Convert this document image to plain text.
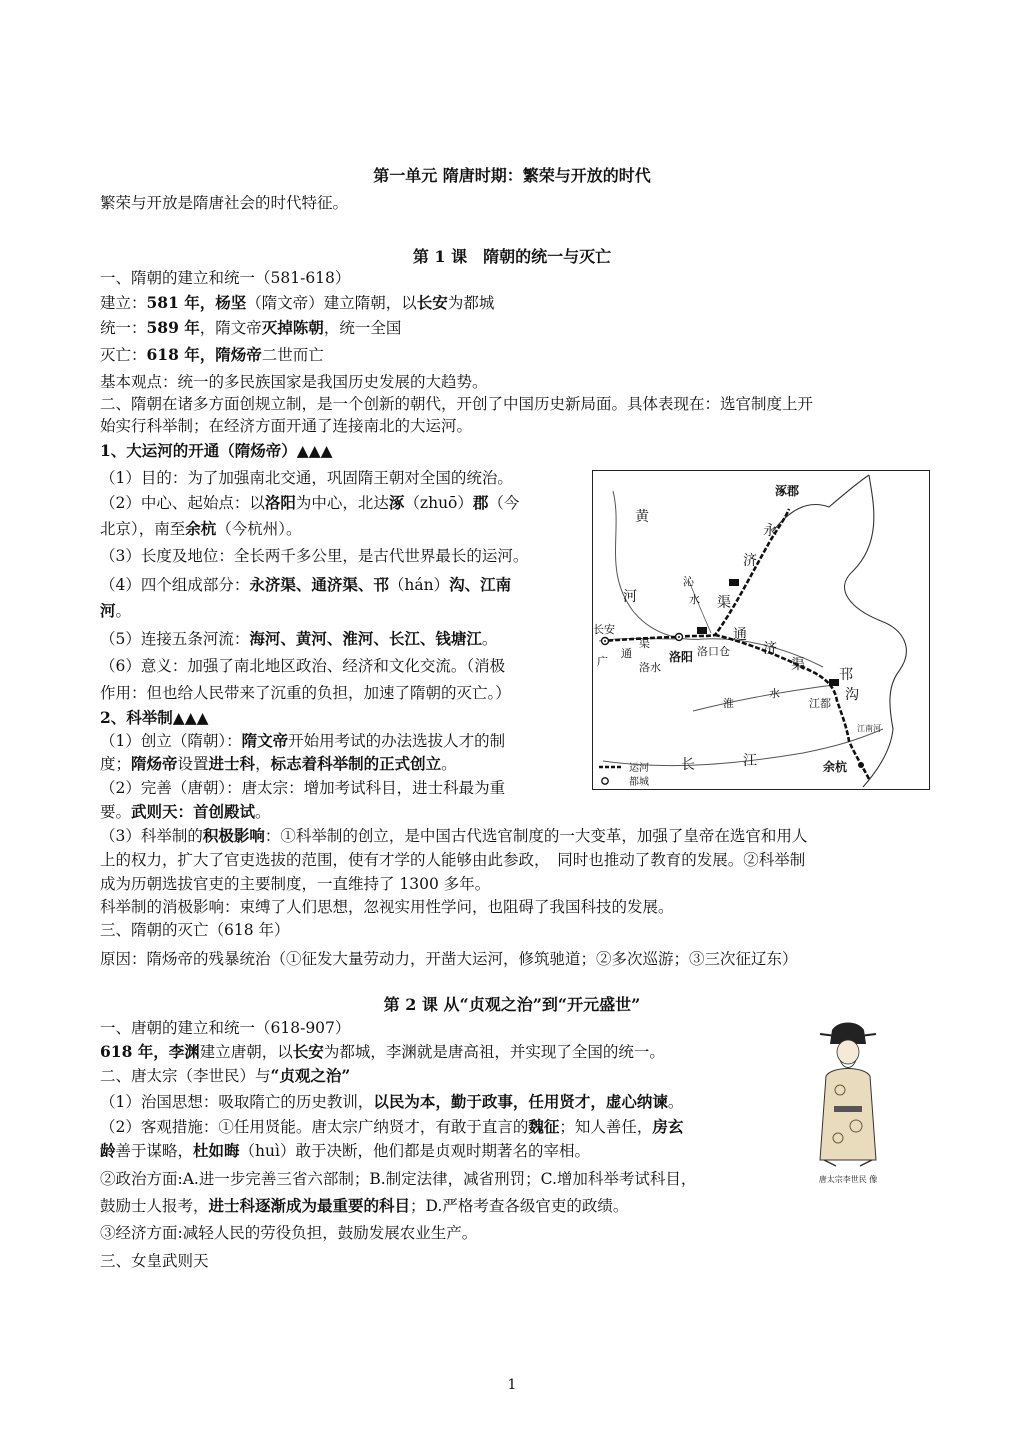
第一单元 隋唐时期：繁荣与开放的时代
繁荣与开放是隋唐社会的时代特征。
第 1 课　隋朝的统一与灭亡
一、隋朝的建立和统一（581-618）
建立：581 年，杨坚（隋文帝）建立隋朝，以长安为都城
统一：589 年，隋文帝灭掉陈朝，统一全国
灭亡：618 年，隋炀帝二世而亡
基本观点：统一的多民族国家是我国历史发展的大趋势。
二、隋朝在诸多方面创规立制，是一个创新的朝代，开创了中国历史新局面。具体表现在：选官制度上开
始实行科举制；在经济方面开通了连接南北的大运河。
1、大运河的开通（隋炀帝）▲▲▲
（1）目的：为了加强南北交通，巩固隋王朝对全国的统治。
（2）中心、起始点：以洛阳为中心，北达涿（zhuō）郡（今
北京），南至余杭（今杭州）。
（3）长度及地位：全长两千多公里，是古代世界最长的运河。
（4）四个组成部分：永济渠、通济渠、邗（hán）沟、江南
河。
（5）连接五条河流：海河、黄河、淮河、长江、钱塘江。
（6）意义：加强了南北地区政治、经济和文化交流。（消极
作用：但也给人民带来了沉重的负担，加速了隋朝的灭亡。）
2、科举制▲▲▲
（1）创立（隋朝）：隋文帝开始用考试的办法选拔人才的制
度；隋炀帝设置进士科，标志着科举制的正式创立。
（2）完善（唐朝）：唐太宗：增加考试科目，进士科最为重
要。武则天：首创殿试。
（3）科举制的积极影响：①科举制的创立，是中国古代选官制度的一大变革，加强了皇帝在选官和用人
上的权力，扩大了官吏选拔的范围，使有才学的人能够由此参政，　同时也推动了教育的发展。②科举制
成为历朝选拔官吏的主要制度，一直维持了 1300 多年。
科举制的消极影响：束缚了人们思想，忽视实用性学问，也阻碍了我国科技的发展。
三、隋朝的灭亡（618 年）
原因：隋炀帝的残暴统治（①征发大量劳动力，开凿大运河，修筑驰道；②多次巡游；③三次征辽东）
涿郡
永
济
渠
黄
河
沁
水
长安
广
通
渠
洛水
洛阳 洛口仓
通
济
渠
淮
水
邗
沟
江都
江南河
余杭
长	江
运河
都城
第 2 课 从“贞观之治”到“开元盛世”
一、唐朝的建立和统一（618-907）
618 年，李渊建立唐朝，以长安为都城，李渊就是唐高祖，并实现了全国的统一。
二、唐太宗（李世民）与“贞观之治”
（1）治国思想：吸取隋亡的历史教训，以民为本，勤于政事，任用贤才，虚心纳谏。
（2）客观措施：①任用贤能。唐太宗广纳贤才，有敢于直言的魏征；知人善任，房玄
龄善于谋略，杜如晦（huì）敢于决断，他们都是贞观时期著名的宰相。
②政治方面:A.进一步完善三省六部制；B.制定法律，减省刑罚；C.增加科举考试科目，
鼓励士人报考，进士科逐渐成为最重要的科目；D.严格考查各级官吏的政绩。
③经济方面:减轻人民的劳役负担，鼓励发展农业生产。
三、女皇武则天
唐太宗李世民 像
1
